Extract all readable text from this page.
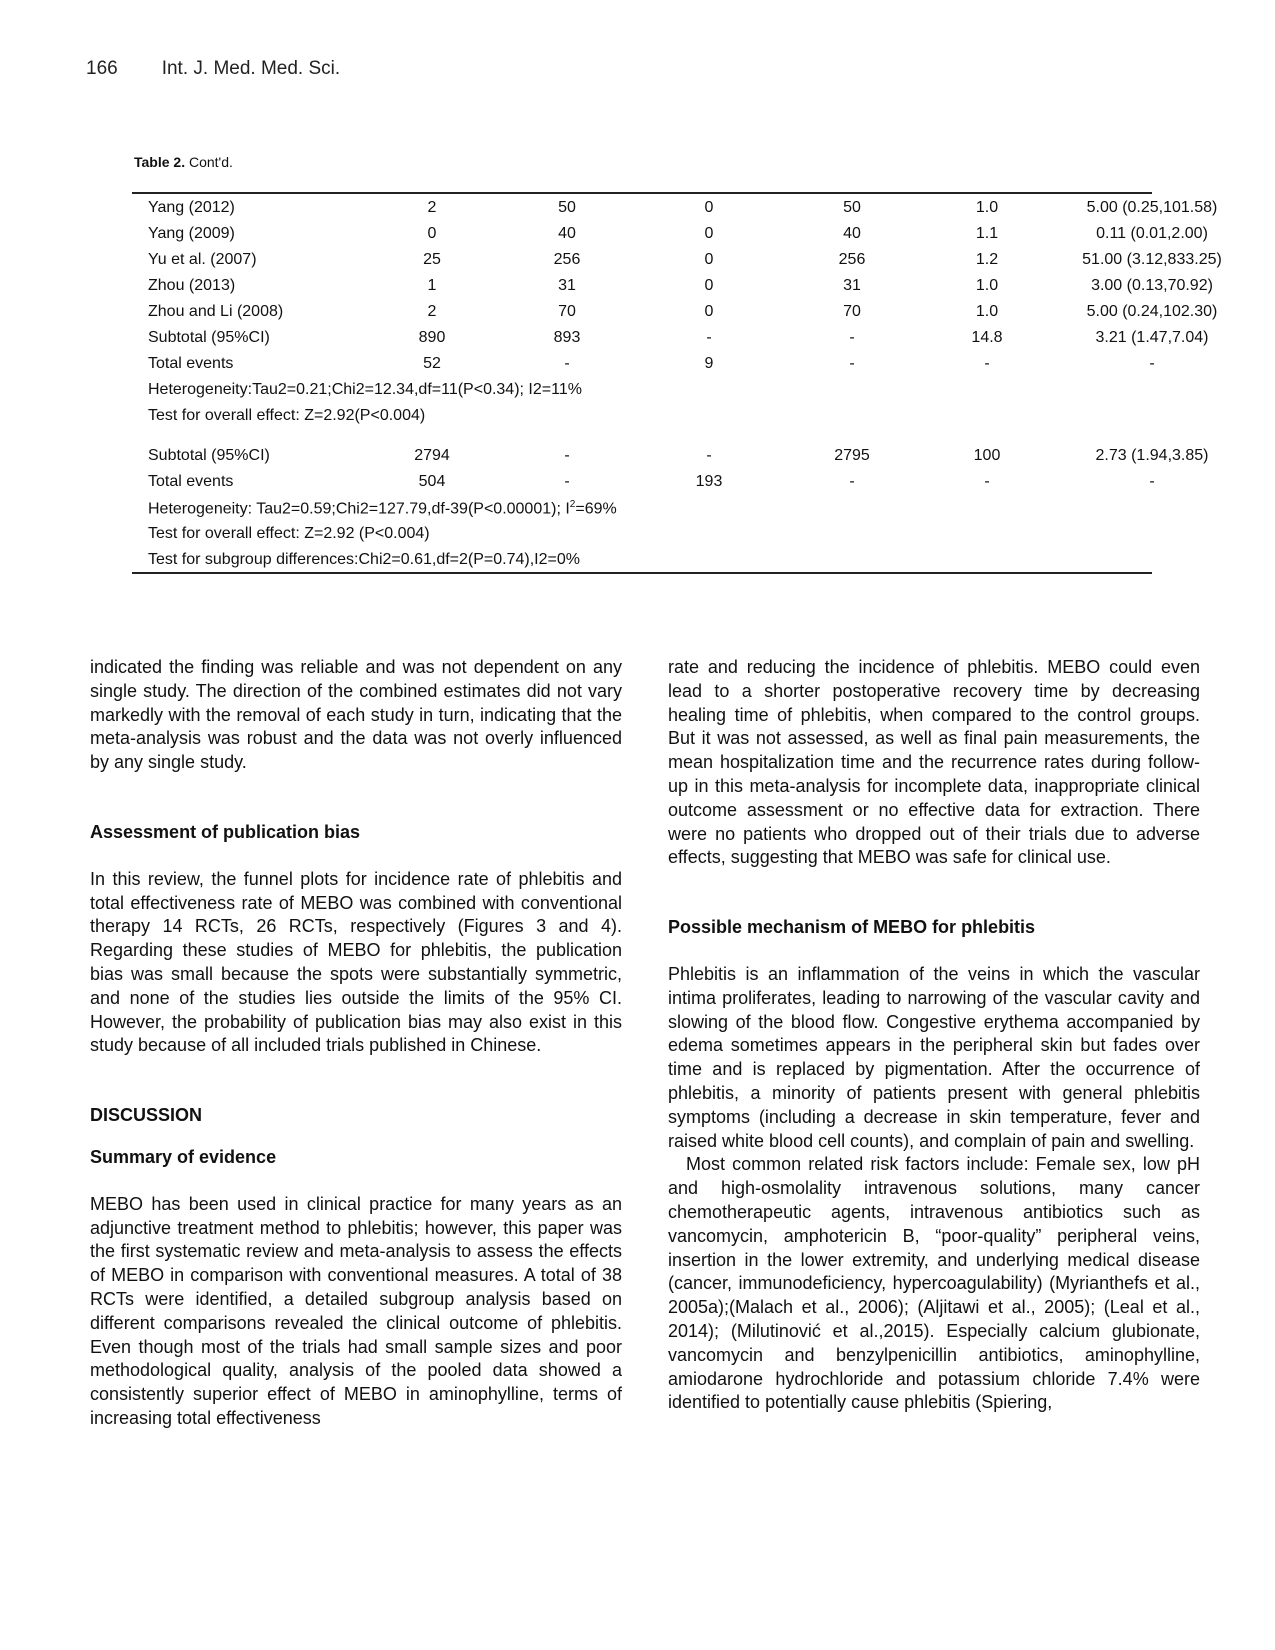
166 Int. J. Med. Med. Sci.
Table 2. Cont'd.
Yang (2012)	2	50	0	50	1.0	5.00 (0.25,101.58)
Yang (2009)	0	40	0	40	1.1	0.11 (0.01,2.00)
Yu et al. (2007)	25	256	0	256	1.2	51.00 (3.12,833.25)
Zhou (2013)	1	31	0	31	1.0	3.00 (0.13,70.92)
Zhou and Li (2008)	2	70	0	70	1.0	5.00 (0.24,102.30)
Subtotal (95%CI)	890	893	-	-	14.8	3.21 (1.47,7.04)
Total events	52	-	9	-	-	-
Heterogeneity:Tau2=0.21;Chi2=12.34,df=11(P<0.34); I2=11%
Test for overall effect: Z=2.92(P<0.004)
Subtotal (95%CI)	2794	-	-	2795	100	2.73 (1.94,3.85)
Total events	504	-	193	-	-	-
Heterogeneity: Tau2=0.59;Chi2=127.79,df-39(P<0.00001); $I^2=69\%$
Test for overall effect: Z=2.92 (P<0.004)
Test for subgroup differences:Chi2=0.61,df=2(P=0.74),I2=0%

indicated the finding was reliable and was not dependent on any single study. The direction of the combined estimates did not vary markedly with the removal of each study in turn, indicating that the meta-analysis was robust and the data was not overly influenced by any single study.

Assessment of publication bias

In this review, the funnel plots for incidence rate of phlebitis and total effectiveness rate of MEBO was combined with conventional therapy 14 RCTs, 26 RCTs, respectively (Figures 3 and 4). Regarding these studies of MEBO for phlebitis, the publication bias was small because the spots were substantially symmetric, and none of the studies lies outside the limits of the 95% CI. However, the probability of publication bias may also exist in this study because of all included trials published in Chinese.

DISCUSSION

Summary of evidence

MEBO has been used in clinical practice for many years as an adjunctive treatment method to phlebitis; however, this paper was the first systematic review and meta-analysis to assess the effects of MEBO in comparison with conventional measures. A total of 38 RCTs were identified, a detailed subgroup analysis based on different comparisons revealed the clinical outcome of phlebitis. Even though most of the trials had small sample sizes and poor methodological quality, analysis of the pooled data showed a consistently superior effect of MEBO in aminophylline, terms of increasing total effectiveness

rate and reducing the incidence of phlebitis. MEBO could even lead to a shorter postoperative recovery time by decreasing healing time of phlebitis, when compared to the control groups. But it was not assessed, as well as final pain measurements, the mean hospitalization time and the recurrence rates during follow-up in this meta-analysis for incomplete data, inappropriate clinical outcome assessment or no effective data for extraction. There were no patients who dropped out of their trials due to adverse effects, suggesting that MEBO was safe for clinical use.

Possible mechanism of MEBO for phlebitis

Phlebitis is an inflammation of the veins in which the vascular intima proliferates, leading to narrowing of the vascular cavity and slowing of the blood flow. Congestive erythema accompanied by edema sometimes appears in the peripheral skin but fades over time and is replaced by pigmentation. After the occurrence of phlebitis, a minority of patients present with general phlebitis symptoms (including a decrease in skin temperature, fever and raised white blood cell counts), and complain of pain and swelling.

Most common related risk factors include: Female sex, low pH and high-osmolality intravenous solutions, many cancer chemotherapeutic agents, intravenous antibiotics such as vancomycin, amphotericin B, “poor-quality” peripheral veins, insertion in the lower extremity, and underlying medical disease (cancer, immunodeficiency, hypercoagulability) (Myrianthefs et al., 2005a);(Malach et al., 2006); (Aljitawi et al., 2005); (Leal et al., 2014); (Milutinović et al.,2015). Especially calcium glubionate, vancomycin and benzylpenicillin antibiotics, aminophylline, amiodarone hydrochloride and potassium chloride 7.4% were identified to potentially cause phlebitis (Spiering,
